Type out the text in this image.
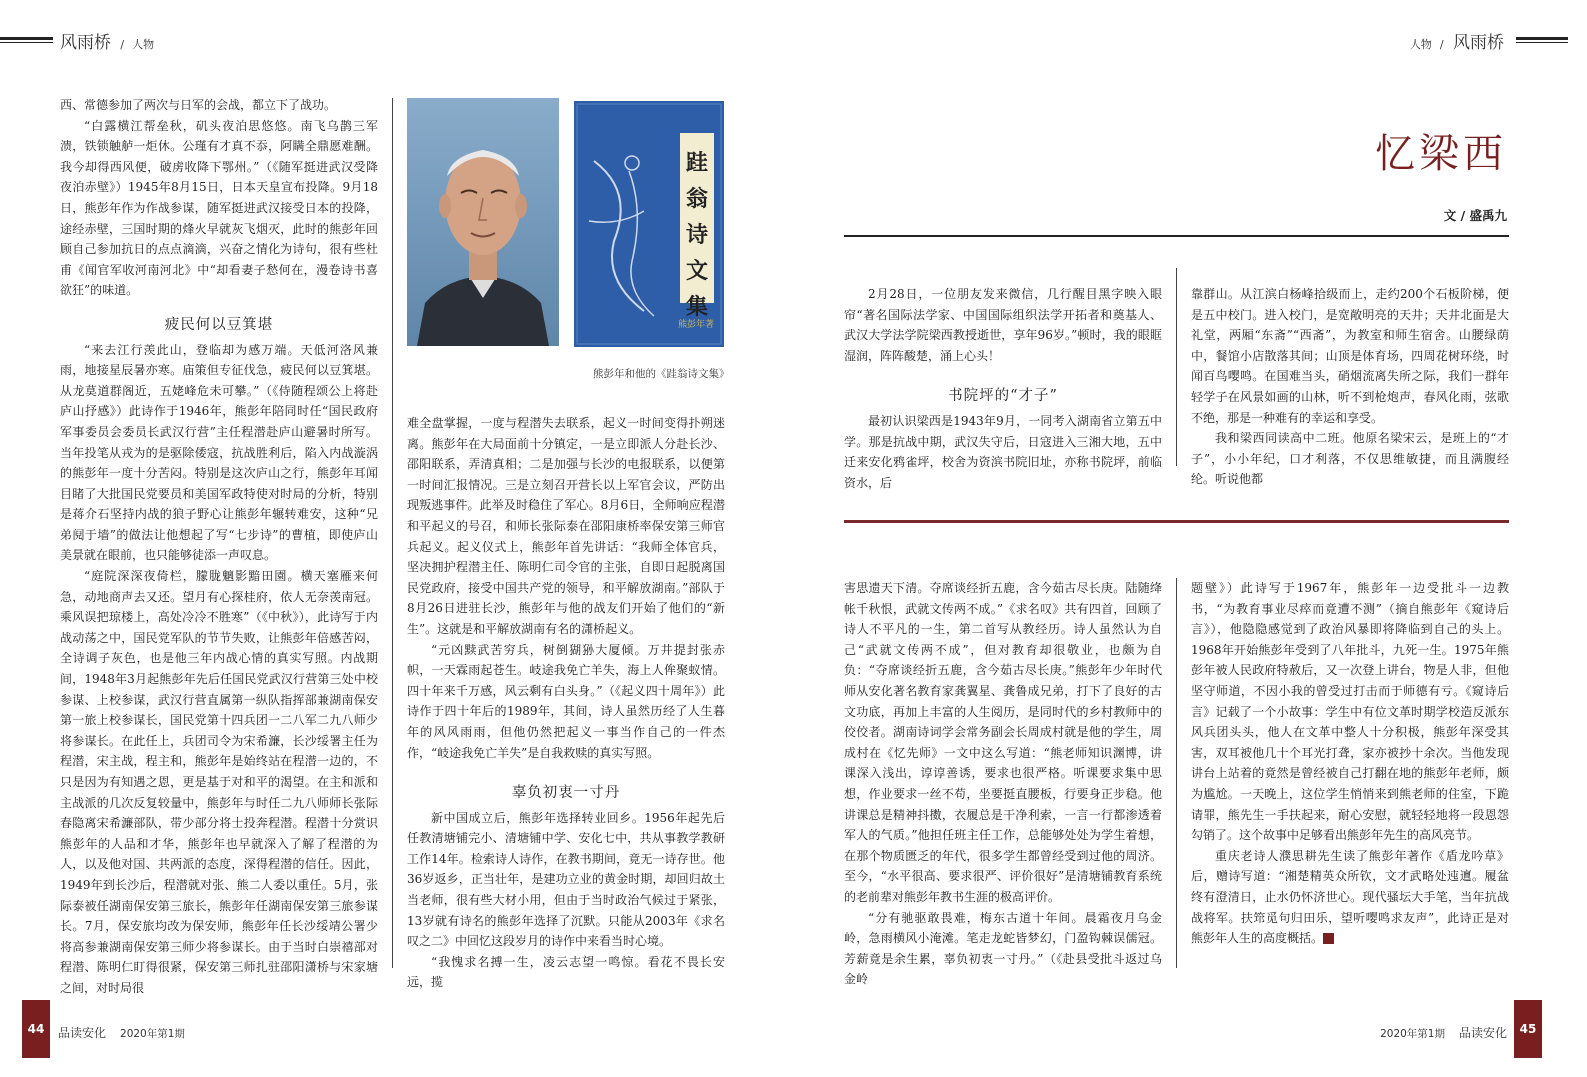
风雨桥 / 人物	人物 / 风雨桥

西、常德参加了两次与日军的会战，都立下了战功。

“白露横江帮垒秋，矶头夜泊思悠悠。南飞乌鹊三军溃，铁锁触舻一炬休。公瑾有才真不忝，阿瞒全鼎愿难酬。我今却得西风便，破虏收降下鄂州。”（《随军挺进武汉受降夜泊赤壁》）1945年8月15日，日本天皇宣布投降。9月18日，熊彭年作为作战参谋，随军挺进武汉接受日本的投降，途经赤壁，三国时期的烽火早就灰飞烟灭，此时的熊彭年回顾自己参加抗日的点点滴滴，兴奋之情化为诗句，很有些杜甫《闻官军收河南河北》中“却看妻子愁何在，漫卷诗书喜欲狂”的味道。

疲民何以豆箕堪

“来去江行羡此山，登临却为感万端。天低河洛风兼雨，地接星辰暑亦寒。庙策但专征伐急，疲民何以豆箕堪。从龙莫道群阁近，五姥峰危未可攀。”（《侍随程颂公上将赴庐山抒感》）此诗作于1946年，熊彭年陪同时任“国民政府军事委员会委员长武汉行营”主任程潜赴庐山避暑时所写。当年投笔从戎为的是驱除倭寇，抗战胜利后，陷入内战漩涡的熊彭年一度十分苦闷。特别是这次庐山之行，熊彭年耳闻目睹了大批国民党要员和美国军政特使对时局的分析，特别是蒋介石坚持内战的狼子野心让熊彭年辗转难安，这种“兄弟阋于墙”的做法让他想起了写“七步诗”的曹植，即使庐山美景就在眼前，也只能够徒添一声叹息。

“庭院深深夜倚栏，朦胧魑影黯田園。横天塞雁来何急，动地商声去又还。望月有心探桂府，依人无奈羡南冠。乘风误把琼楼上，高处冷冷不胜寒”（《中秋》），此诗写于内战动荡之中，国民党军队的节节失败，让熊彭年倍感苦闷，全诗调子灰色，也是他三年内战心情的真实写照。内战期间，1948年3月起熊彭年先后任国民党武汉行营第三处中校参谋、上校参谋，武汉行营直属第一纵队指挥部兼湖南保安第一旅上校参谋长，国民党第十四兵团一二八军二九八师少将参谋长。在此任上，兵团司令为宋希濂，长沙绥署主任为程潜，宋主战，程主和，熊彭年是始终站在程潜一边的，不只是因为有知遇之恩，更是基于对和平的渴望。在主和派和主战派的几次反复较量中，熊彭年与时任二九八师师长张际春隐离宋希濂部队，带少部分将士投奔程潜。程潜十分赏识熊彭年的人品和才华，熊彭年也早就深入了解了程潜的为人，以及他对国、共两派的态度，深得程潜的信任。因此，1949年到长沙后，程潜就对张、熊二人委以重任。5月，张际泰被任湖南保安第三旅长，熊彭年任湖南保安第三旅参谋长。7月，保安旅均改为保安师，熊彭年任长沙绥靖公署少将高参兼湖南保安第三师少将参谋长。由于当时白崇禧部对程潜、陈明仁盯得很紧，保安第三师扎驻邵阳潇桥与宋家塘之间，对时局很

跬翁诗文集
熊彭年著
熊彭年和他的《跬翁诗文集》

难全盘掌握，一度与程潜失去联系，起义一时间变得扑朔迷离。熊彭年在大局面前十分镇定，一是立即派人分赴长沙、邵阳联系，弄清真相；二是加强与长沙的电报联系，以便第一时间汇报情况。三是立刻召开营长以上军官会议，严防出现叛逃事件。此举及时稳住了军心。8月6日，全师响应程潜和平起义的号召，和师长张际泰在邵阳康桥率保安第三师官兵起义。起义仪式上，熊彭年首先讲话：“我师全体官兵，坚决拥护程潜主任、陈明仁司令官的主张，自即日起脱离国民党政府，接受中国共产党的领导，和平解放湖南。”部队于8月26日进驻长沙，熊彭年与他的战友们开始了他们的“新生”。这就是和平解放湖南有名的潇桥起义。

“元凶黩武苦穷兵，树倒猢狲大厦倾。万井提封张赤帜，一天霖雨起苍生。岐途我免亡羊失，海上人侔聚蚁情。四十年来千万感，风云剩有白头身。”（《起义四十周年》）此诗作于四十年后的1989年，其间，诗人虽然历经了人生暮年的风风雨雨，但他仍然把起义一事当作自己的一件杰作，“岐途我免亡羊失”是自我救赎的真实写照。

辜负初衷一寸丹

新中国成立后，熊彭年选择转业回乡。1956年起先后任教清塘铺完小、清塘铺中学、安化七中，共从事教学教研工作14年。检索诗人诗作，在教书期间，竟无一诗存世。他36岁返乡，正当壮年，是建功立业的黄金时期，却回归故土当老师，很有些大材小用，但由于当时政治气候过于紧张，13岁就有诗名的熊彭年选择了沉默。只能从2003年《求名叹之二》中回忆这段岁月的诗作中来看当时心境。

“我愧求名搏一生，凌云志望一鸣惊。看花不畏长安远，揽

忆梁西
文 / 盛禹九

2月28日，一位朋友发来微信，几行醒目黑字映入眼帘“著名国际法学家、中国国际组织法学开拓者和奠基人、武汉大学法学院梁西教授逝世，享年96岁。”顿时，我的眼眶湿润，阵阵酸楚，涌上心头！

书院坪的“才子”

最初认识梁西是1943年9月，一同考入湖南省立第五中学。那是抗战中期，武汉失守后，日寇进入三湘大地，五中迁来安化鸦雀坪，校舍为资滨书院旧址，亦称书院坪，前临资水，后

靠群山。从江滨白杨峰拾级而上，走约200个石板阶梯，便是五中校门。进入校门，是宽敞明亮的天井；天井北面是大礼堂，两厢“东斋”“西斋”，为教室和师生宿舍。山腰绿荫中，餐馆小店散落其间；山顶是体育场，四周花树环绕，时闻百鸟嘤鸣。在国难当头，硝烟流离失所之际，我们一群年轻学子在风景如画的山林，听不到枪炮声，春风化雨，弦歌不绝，那是一种难有的幸运和享受。

我和梁西同读高中二班。他原名梁宋云，是班上的“才子”，小小年纪，口才利落，不仅思维敏捷，而且满腹经纶。听说他都

害思遗天下清。夺席谈经折五鹿，含今茹古尽长庚。陆随绛帐千秋恨，武就文传两不成。”《求名叹》共有四首，回顾了诗人不平凡的一生，第二首写从教经历。诗人虽然认为自己“武就文传两不成”，但对教育却很敬业，也颇为自负：“夺席谈经折五鹿，含今茹古尽长庚。”熊彭年少年时代师从安化著名教育家龚翼星、龚鲁成兄弟，打下了良好的古文功底，再加上丰富的人生阅历，是同时代的乡村教师中的佼佼者。湖南诗词学会常务副会长周成村就是他的学生，周成村在《忆先师》一文中这么写道：“熊老师知识渊博，讲课深入浅出，谆谆善诱，要求也很严格。听课要求集中思想，作业要求一丝不苟，坐要挺直腰板，行要身正步稳。他讲课总是精神抖擞，衣履总是干净利索，一言一行都渗透着军人的气质。”他担任班主任工作，总能够处处为学生着想，在那个物质匮乏的年代，很多学生都曾经受到过他的周济。至今，“水平很高、要求很严、评价很好”是清塘铺教育系统的老前辈对熊彭年教书生涯的极高评价。

“分有驰驱敢畏难，梅东古道十年间。晨霜夜月乌金岭，急雨横风小淹滩。笔走龙蛇皆梦幻，门盈钩棘误儒冠。芳薪竟是余生累，辜负初衷一寸丹。”（《赴县受批斗返过乌金岭

题壁》）此诗写于1967年，熊彭年一边受批斗一边教书，“为教育事业尽瘁而竟遭不测”（摘自熊彭年《窥诗后言》），他隐隐感觉到了政治风暴即将降临到自己的头上。1968年开始熊彭年受到了八年批斗，九死一生。1975年熊彭年被人民政府特赦后，又一次登上讲台，物是人非，但他坚守师道，不因小我的曾受过打击而于师德有亏。《窥诗后言》记载了一个小故事：学生中有位文革时期学校造反派东风兵团头头，他人在文革中整人十分积极，熊彭年深受其害，双耳被他几十个耳光打聋，家亦被抄十余次。当他发现讲台上站着的竟然是曾经被自己打翻在地的熊彭年老师，颇为尴尬。一天晚上，这位学生悄悄来到熊老师的住室，下跪请罪，熊先生一手扶起来，耐心安慰，就轻轻地将一段恩怨勾销了。这个故事中足够看出熊彭年先生的高风亮节。

重庆老诗人濮思耕先生读了熊彭年著作《盾龙吟草》后，赠诗写道：“湘楚精英众所钦，文才武略处迍邅。履盆终有澄清日，止水仍怀济世心。现代骚坛大手笔，当年抗战战将军。扶筇觅句归田乐，望听嘤鸣求友声”，此诗正是对熊彭年人生的高度概括。	A

44	品读安化 2020年第1期	2020年第1期 品读安化	45
